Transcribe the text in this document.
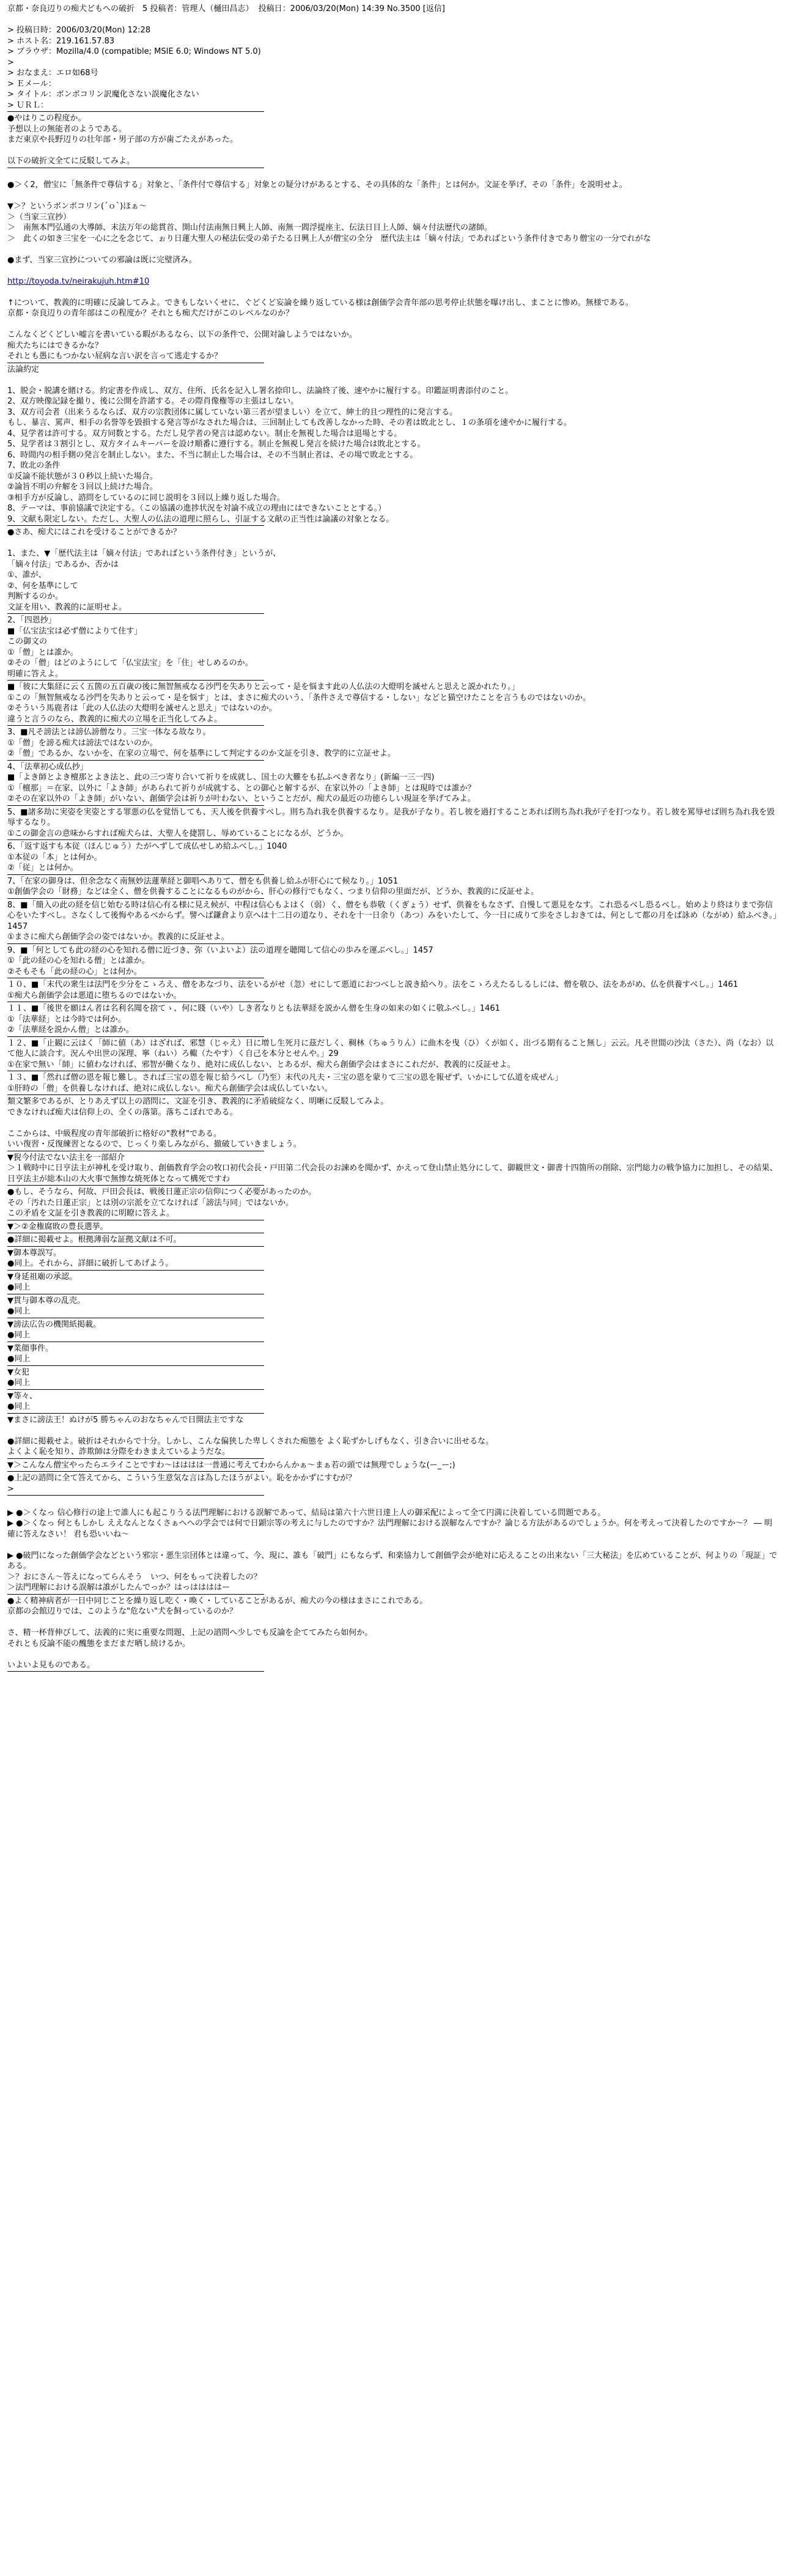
京都・奈良辺りの痴犬どもへの破折　5 投稿者：管理人（樋田昌志）  投稿日：2006/03/20(Mon) 14:39 No.3500 [返信]
> 投稿日時：2006/03/20(Mon) 12:28
> ホスト名：219.161.57.83
> ブラウザ：Mozilla/4.0 (compatible; MSIE 6.0; Windows NT 5.0)
>
> おなまえ：エロ如68号
> Ｅメール：
> タイトル：ボンボコリン訳魔化さない誤魔化さない
> ＵＲＬ：
●やはりこの程度か。
予想以上の無能者のようである。
まだ東京や長野辺りの壮年部・男子部の方が歯ごたえがあった。
以下の破折文全てに反駁してみよ。
●＞く2，僧宝に「無条件で尊信する」対象と、「条件付で尊信する」対象との疑分けがあるとする、その具体的な「条件」とは何か。文証を挙げ、その「条件」を説明せよ。
▼＞？というボンボコリン(´ｏ`)ほぁ～
＞（当家三宣抄）
＞　南無本門弘通の大導師、末法万年の総貫首、開山付法南無日興上人師、南無一閻浮提座主、伝法日目上人師、嫡々付法歴代の諸師。
＞　此くの如き三宝を一心に之を念じて、ぉり日蓮大聖人の秘法伝受の弟子たる日興上人が僧宝の全分　歴代法主は「嫡々付法」であればという条件付きであり僧宝の一分でれがな
●まず、当家三宣抄についての邪論は既に完璧済み。
http://toyoda.tv/neirakujuh.htm#10
↑について、教義的に明確に反論してみよ。できもしないくせに、ぐどくど妄論を繰り返している様は創価学会青年部の思考停止状態を曝け出し、まことに惨め。無様である。
京都・奈良辺りの青年部はこの程度か？それとも痴犬だけがこのレベルなのか？
こんなくどくどしい嘘言を書いている暇があるなら、以下の条件で、公開対論しようではないか。
痴犬たちにはできるかな？
それとも愚にもつかない屁病な言い訳を言って逃走するか？
法論約定
1、脱会・脱講を賭ける。約定書を作成し、双方、住所、氏名を記入し署名捺印し、法論終了後、速やかに履行する。印鑑証明書添付のこと。
2、双方映像記録を撮り、後に公開を許諾する。その際肖像権等の主張はしない。
3、双方司会者（出来うるならば、双方の宗教団体に属していない第三者が望ましい）を立て、紳士的且つ理性的に発言する。
もし、暴言、罵声、相手の名誉等を毀損する発言等がなされた場合は、三回制止しても改善しなかった時、その者は敗北とし、１の条項を速やかに履行する。
4、見学者は許可する。双方同数とする。ただし見学者の発言は認めない。制止を無視した場合は退場とする。
5、見学者は３割引とし、双方タイムキーパーを設け順番に遵行する。制止を無視し発言を続けた場合は敗北とする。
6、時間内の相手側の発言を制止しない。また、不当に制止した場合は、その不当制止者は、その場で敗北とする。
7、敗北の条件
①反論不能状態が３０秒以上続いた場合。
②論旨不明の弁解を３回以上続けた場合。
③相手方が反論し、諮問をしているのに同じ説明を３回以上繰り返した場合。
8、テーマは、事前協議で決定する。（この協議の進捗状況を対論不成立の理由にはできないこととする。）
9、文献も限定しない。ただし、大聖人の仏法の道理に照らし、引証する文献の正当性は論議の対象となる。
●さあ、痴犬にはこれを受けることができるか？
1、また、▼「歴代法主は「嫡々付法」であればという条件付き」というが、
「嫡々付法」であるか、否かは
①、誰が、
②、何を基準にして
判断するのか。
文証を用い、教義的に証明せよ。
2、「四恩抄」
■「仏宝法宝は必ず僧によりて住す」
この御文の
①「僧」とは誰か。
②その「僧」はどのようにして「仏宝法宝」を「住」せしめるのか。
明確に答えよ。
■「彼に大集経に云く五箇の五百歳の後に無智無戒なる沙門を失ありと云って・是を悩ます此の人仏法の大燈明を滅せんと思えと説かれたり。」
①この「無智無戒なる沙門を失ありと云って・是を悩す」とは、まさに痴犬のいう、「条件さえで尊信する・しない」などと猫空けたことを言うものではないのか。
②そういう馬鹿者は「此の人仏法の大燈明を滅せんと思え」ではないのか。
違うと言うのなら、教義的に痴犬の立場を正当化してみよ。
3、■凡そ謗法とは謗仏謗僧なり。三宝一体なる故なり。
①「僧」を謗る痴犬は謗法ではないのか。
②「僧」であるか、ないかを、在家の立場で、何を基準にして判定するのか文証を引き、教学的に立証せよ。
4、「法華初心成仏抄」
■「よき師とよき檀那とよき法と、此の三つ寄り合いて祈りを成就し、国土の大難をも払ふべき者なり」(新編一三一四)
①「檀那」＝在家、以外に「よき師」があられて祈りが成就する、との御心と解するが、在家以外の「よき師」とは現時では誰か？
②その在家以外の「よき師」がいない、創価学会は祈りが叶わない、ということだが、痴犬の最近の功徳らしい現証を挙げてみよ。
5、■諸多劫に実姿を実姿とする罪悪の仏を覚悟しても、天人後を供養すべし。則ち為れ我を供養するなり。是我が子なり。若し彼を過打することあれば則ち為れ我が子を打つなり。若し彼を罵辱せば則ち為れ我を毀辱するなり。
①この御金言の意味からすれば痴犬らは、大聖人を捷罰し、辱めていることになるが、どうか。
6、「返す返すも本従（ほんじゅう）たがへずして成仏せしめ給ふべし。」1040
①本従の「本」とは何か。
②「従」とは何か。
7、「在家の御身は、但余念なく南無妙法蓮華経と御唱へありて、僧をも供養し給ふが肝心にて候なり。」1051
①創価学会の「財務」などは全く、僧を供養することになるものがから、肝心の修行でもなく、つまり信仰の里面だが、どうか、教義的に反証せよ。
8、■「簡入の此の経を信じ始むる時は信心有る様に見え候が、中程は信心もよはく（弱）く、僧をも恭敬（くぎょう）せず、供養をもなさず、自慢して悪見をなす。これ恐るべし恐るべし。始めより終はりまで弥信心をいたすべし。さなくして後悔やあるべからず。譬へば鎌倉より京へは十二日の道なり、それを十一日余り（あつ）みをいたして、今一日に成りて歩をさしおきては、何として都の月をば詠め（ながめ）給ふべき。」1457
①まさに痴犬ら創価学会の姿ではないか。教義的に反証せよ。
9、■「何としても此の経の心を知れる僧に近づき、弥（いよいよ）法の道理を聴聞して信心の歩みを運ぶべし。」1457
①「此の経の心を知れる僧」とは誰か。
②そもそも「此の経の心」とは何か。
１０、■「末代の衆生は法門を少分をこゝろえ、僧をあなづり、法をいるがせ（忽）せにして悪道におつべしと説き給へり。法をこゝろえたるしるしには、僧を敬ひ、法をあがめ、仏を供養すべし。」1461
①痴犬ら創価学会は悪道に堕ちるのではないか。
１１、■「後世を願はん者は名利名聞を捨てゝ、何に賤（いや）しき者なりとも法華経を説かん僧を生身の如来の如くに敬ふべし。」1461
①「法華経」とは今時では何か。
②「法華経を説かん僧」とは誰か。
１２、■「止観に云はく「師に値（あ）はざれば、邪慧（じゃえ）日に増し生死月に茲だしく、稠林（ちゅうりん）に曲木を曳（ひ）くが如く、出づる期有ること無し」云云。凡そ世間の沙汰（さた）、尚（なお）以て他人に談合す。況んや出世の深理、寧（ねい）ろ輙（たやす）く自己を本分とせんや。」29
①在家で無い「師」に値わなければ、邪智が働くなり、絶対に成仏しない、とあるが、痴犬ら創価学会はまさにこれだが、教義的に反証せよ。
１３、■「然れば僧の恩を報じ難し。されば三宝の恩を報じ給うべし（乃至）末代の凡夫・三宝の恩を蒙りて三宝の恩を報ぜず、いかにして仏道を成ぜん」
①肝時の「僧」を供養しなければ、絶対に成仏しない。痴犬ら創価学会は成仏していない。
類文繁多であるが、とりあえず以上の諮問に、文証を引き、教義的に矛盾破綻なく、明晰に反駁してみよ。
できなければ痴犬は信仰上の、全くの落第。落ちこぼれである。
ここからは、中級程度の青年部破折に格好の"教材"である。
いい復習・反復練習となるので、じっくり楽しみながら、撤破していきましょう。
▼猊今付法でない法主を一部紹介
＞１戦時中に日亨法主が神札を受け取り、創価教育学会の牧口初代会長・戸田第二代会長のお諫めを聞かず、かえって登山禁止処分にして、御観世文・御書十四箇所の削除、宗門総力の戦争協力に加担し、その結果、日亨法主が総本山の大火事で無惨な焼死体となって構死ですわ
●もし、そうなら、何故、戸田会長は、戦後日蓮正宗の信仰につく必要があったのか。
その「汚れた日蓮正宗」とは別の宗派を立てなければ「謗法与同」ではないか。
この矛盾を文証を引き教義的に明瞭に答えよ。
▼＞②金権腐敗の豊長選挙。
●詳細に掲載せよ。根拠薄弱な証拠文献は不可。
▼御本尊誤写。
●同上。それから、詳細に破折してあげよう。
▼身延祖廟の承認。
●同上
▼貫与御本尊の乱売。
●同上
▼謗法広告の機関紙掲載。
●同上
▼業顔事件。
●同上
▼女犯
●同上
▼等々、
●同上
▼まさに謗法王！ぬけが5 勝ちゃんのおなちゃんで日開法主ですな
●詳細に掲載せよ。破折はそれからで十分。しかし、こんな偏狭した卑しくされた痴態を よく恥ずかしげもなく、引き合いに出せるな。
よくよく恥を知り、詐欺師は分際をわきまえているようだな。
▼＞こんなん僧宝やったらエライことですわ～はははは一普通に考えてわからんかぁ～まぁ若の頭では無理でしょうな(ー_ー;)
●上記の諮問に全て答えてから、こういう生意気な言は為したほうがよい。恥をかかずにすむが？
>
▶ ●＞くなっ 信心修行の途上で誰人にも起こりうる法門理解における誤解であって、結局は第六十六世日達上人の御采配によって全て円満に決着している問題である。
▶ ●＞くなっ 何ともしかし ええなんとなくさぁへへの学会では何で日顕宗等の考えに与したのですか？法門理解における誤解なんですか？論じる方法があるのでしょうか。何を考えって決着したのですか～？ ― 明確に答えなさい！ 君も恐いいね～
▶ ●破門になった創価学会などという邪宗・悪生宗団体とは違って、今、現に、誰も「破門」にもならず、和楽協力して創価学会が絶対に応えることの出来ない「三大秘法」を広めていることが、何よりの「現証」である。
＞？おにさん～答えになってらんそう　いつ、何をもって決着したの？
＞法門理解における誤解は誰がしたんでっか？はっははははー
●よく精神病者が一日中同じことを繰り返し吃く・喚く・していることがあるが、痴犬の今の様はまさにこれである。
京都の会館辺りでは、このような"危ない"犬を飼っているのか？
さ、精一杯背伸びして、法義的に実に重要な問題、上記の諮問へ少しでも反論を企ててみたら如何か。
それとも反論不能の醜態をまだまだ晒し続けるか。
いよいよ見ものである。
